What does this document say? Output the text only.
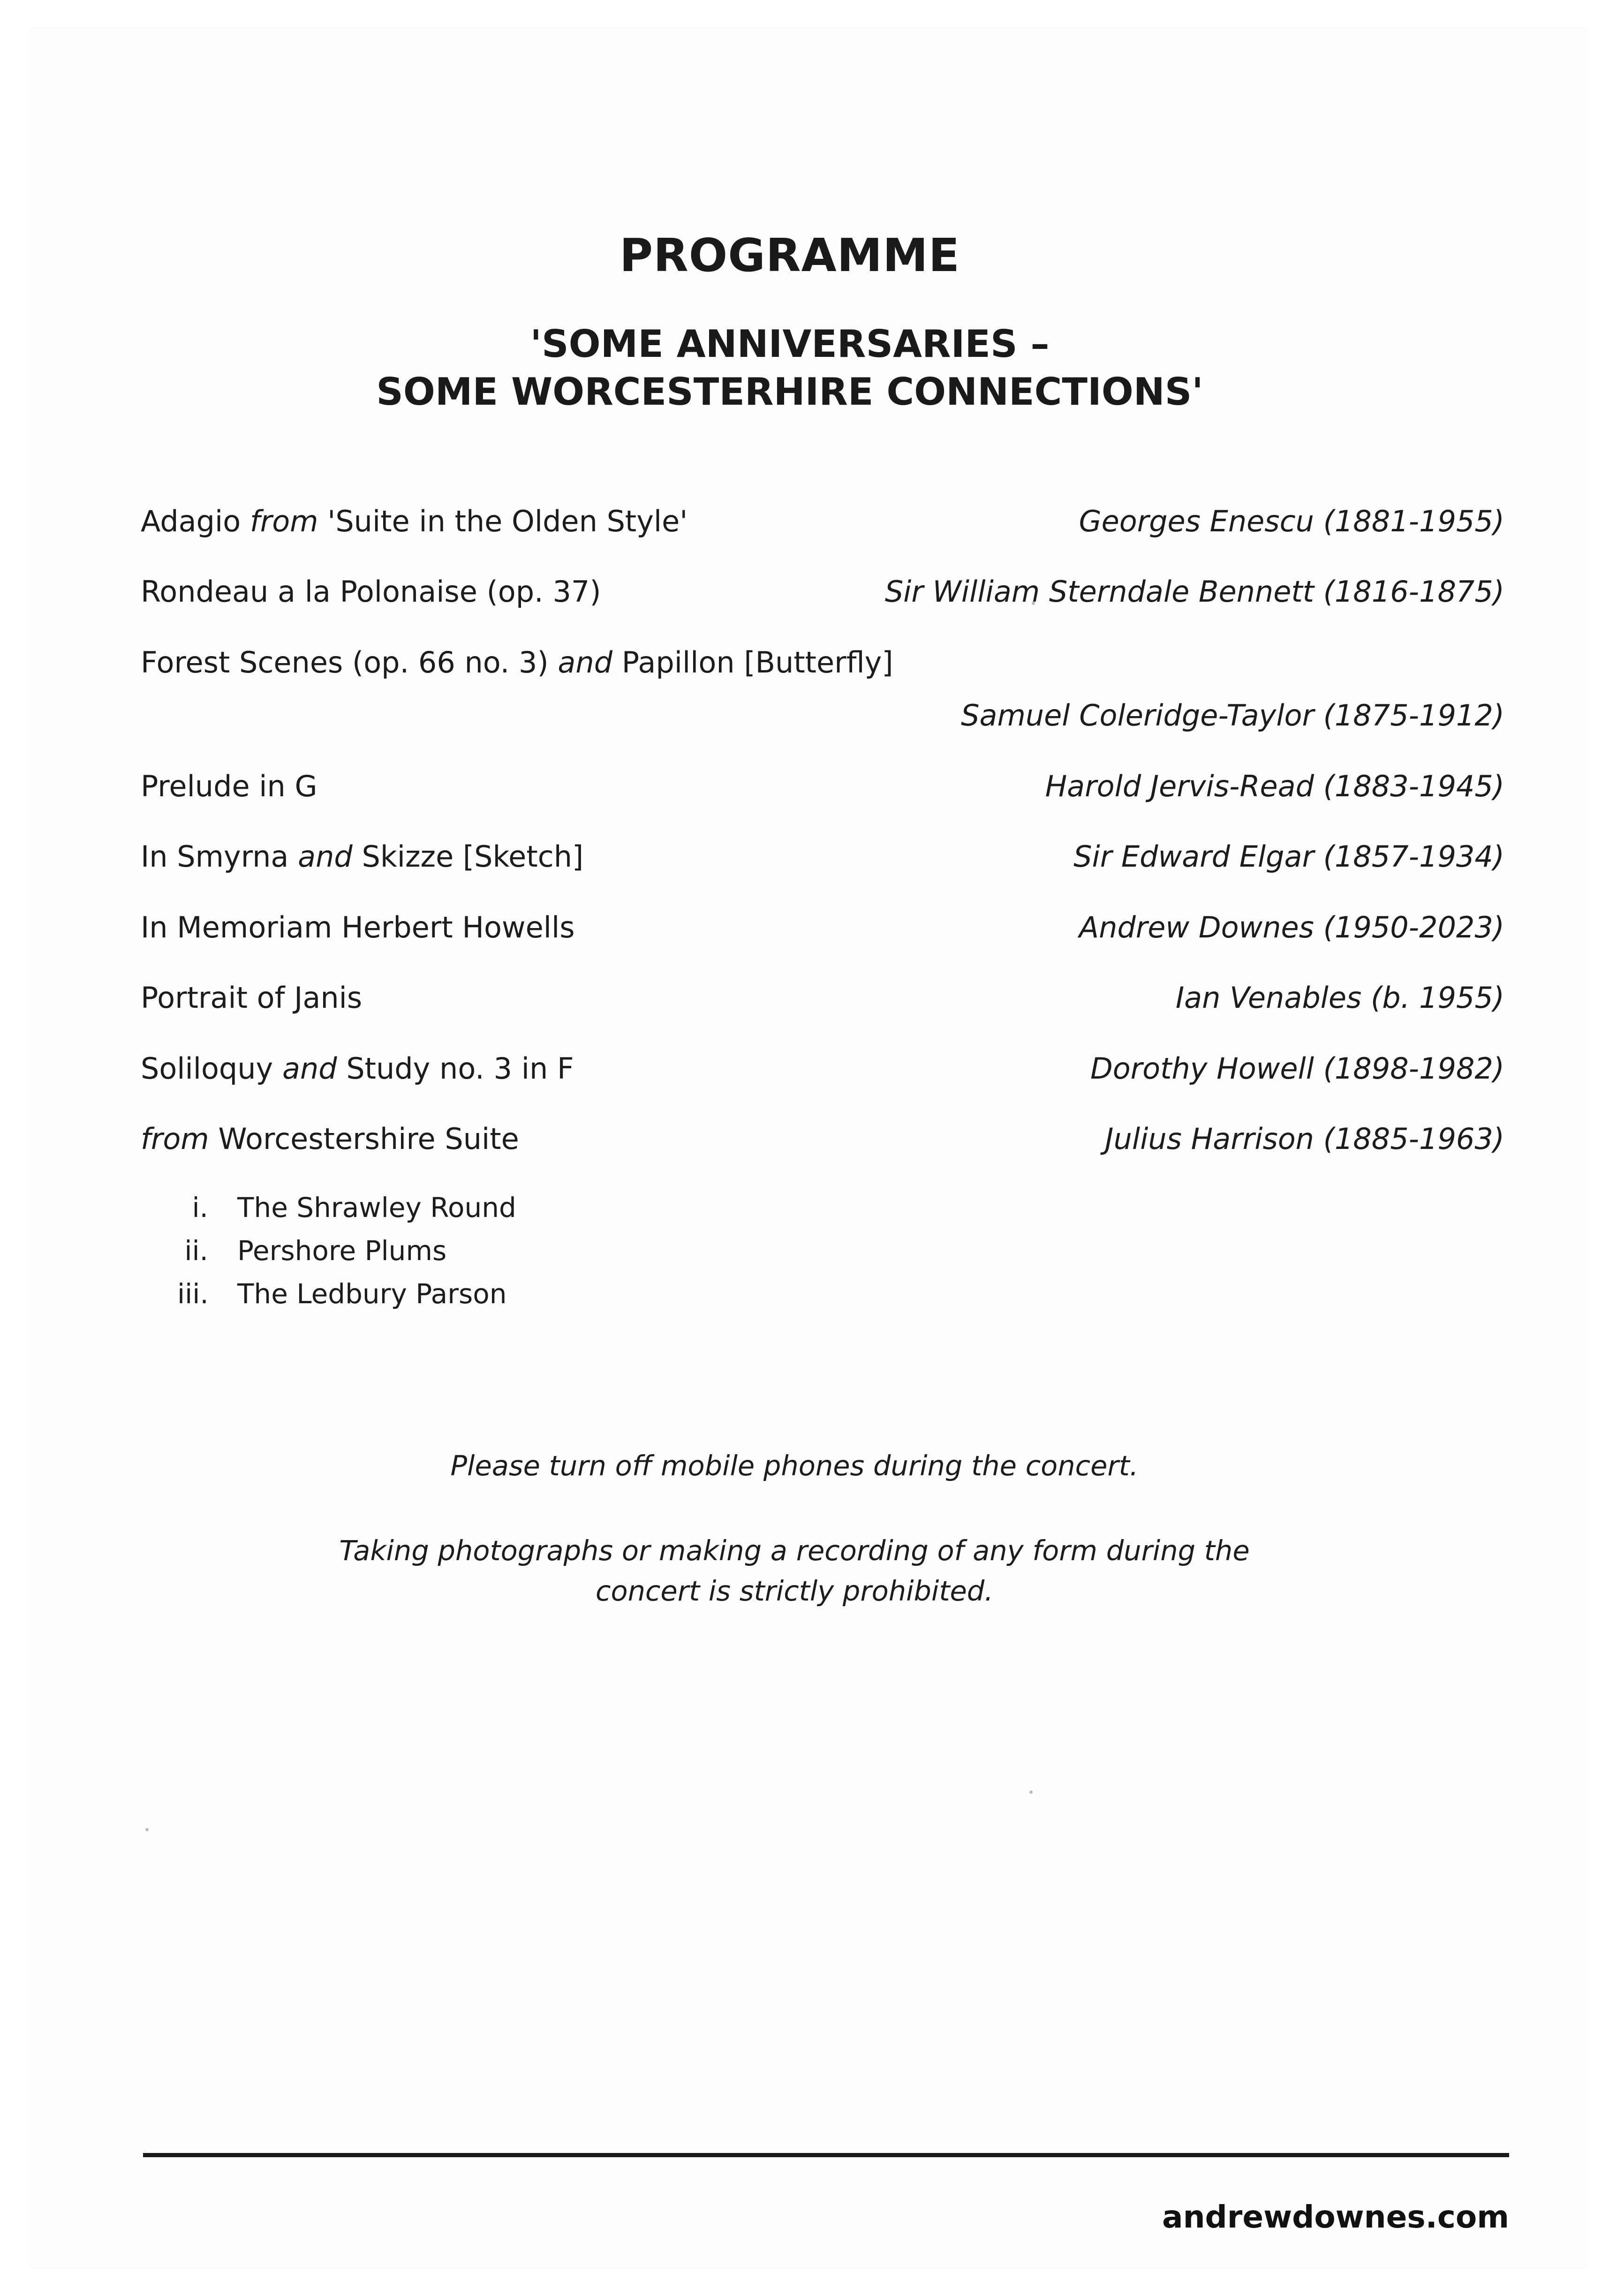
PROGRAMME
'SOME ANNIVERSARIES –
SOME WORCESTERHIRE CONNECTIONS'
Adagio from 'Suite in the Olden Style'	Georges Enescu (1881-1955)
Rondeau a la Polonaise (op. 37)	Sir William Sterndale Bennett (1816-1875)
Forest Scenes (op. 66 no. 3) and Papillon [Butterfly]
Samuel Coleridge-Taylor (1875-1912)
Prelude in G	Harold Jervis-Read (1883-1945)
In Smyrna and Skizze [Sketch]	Sir Edward Elgar (1857-1934)
In Memoriam Herbert Howells	Andrew Downes (1950-2023)
Portrait of Janis	Ian Venables (b. 1955)
Soliloquy and Study no. 3 in F	Dorothy Howell (1898-1982)
from Worcestershire Suite	Julius Harrison (1885-1963)
i.	The Shrawley Round
ii.	Pershore Plums
iii.	The Ledbury Parson
Please turn off mobile phones during the concert.
Taking photographs or making a recording of any form during the
concert is strictly prohibited.
andrewdownes.com
